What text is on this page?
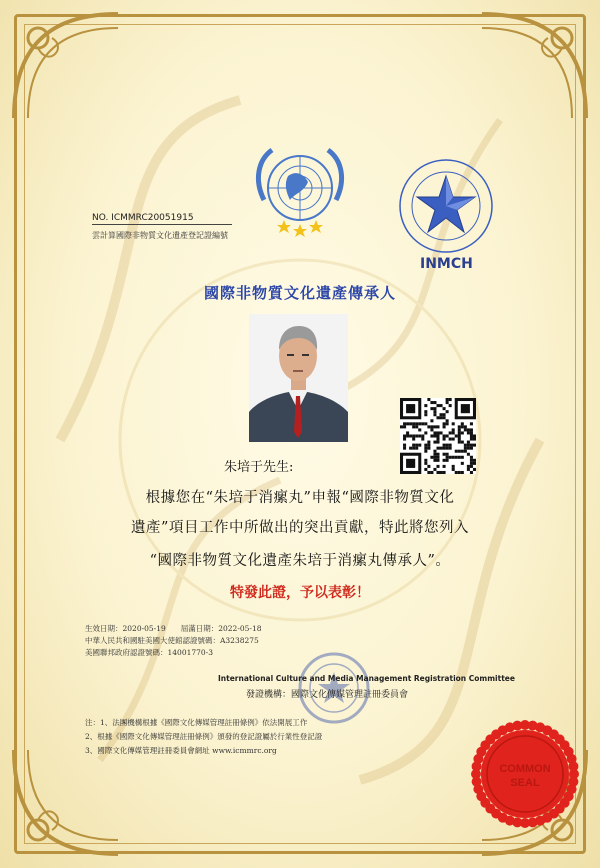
INMCH
NO. ICMMRC20051915
雲計算國際非物質文化遺產登記證編號
國際非物質文化遺產傳承人
朱培于先生:
根據您在“朱培于消瘰丸”申報“國際非物質文化
遺產”項目工作中所做出的突出貢獻，特此將您列入
“國際非物質文化遺產朱培于消瘰丸傳承人”。
特發此證，予以表彰！
生效日期：2020-05-19　　屆滿日期：2022-05-18
中華人民共和國駐美國大使館認證號碼：A3238275
美國聯邦政府認證號碼：14001770-3
International Culture and Media Management Registration Committee
發證機構：國際文化傳媒管理註冊委員會
注：1、法團機構根據《國際文化傳媒管理註冊條例》依法開展工作
2、根據《國際文化傳媒管理註冊條例》頒發的登記證屬於行業性登記證
3、國際文化傳媒管理註冊委員會網址 www.icmmrc.org
COMMON
SEAL
